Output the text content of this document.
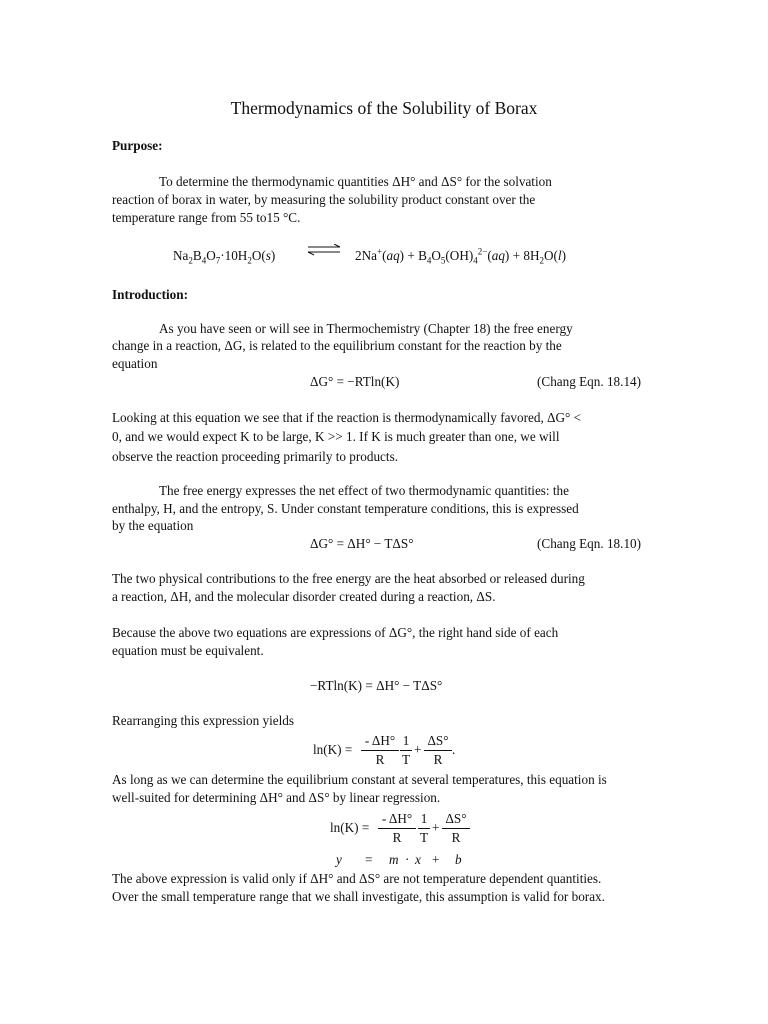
Thermodynamics of the Solubility of Borax
Purpose:
To determine the thermodynamic quantities ΔH° and ΔS° for the solvation
reaction of borax in water, by measuring the solubility product constant over the
temperature range from 55 to15 °C.
$Na_2B_4O_7\cdot 10H_2O(s)$ ⇌ $2Na^+(aq) + B_4O_5(OH)_4^{2-}(aq) + 8H_2O(l)$
Introduction:
As you have seen or will see in Thermochemistry (Chapter 18) the free energy
change in a reaction, ΔG, is related to the equilibrium constant for the reaction by the
equation
ΔG° = −RTln(K)	(Chang Eqn. 18.14)
Looking at this equation we see that if the reaction is thermodynamically favored, ΔG° <
0, and we would expect K to be large, K >> 1. If K is much greater than one, we will
observe the reaction proceeding primarily to products.
The free energy expresses the net effect of two thermodynamic quantities: the
enthalpy, H, and the entropy, S. Under constant temperature conditions, this is expressed
by the equation
ΔG° = ΔH° − TΔS°	(Chang Eqn. 18.10)
The two physical contributions to the free energy are the heat absorbed or released during
a reaction, ΔH, and the molecular disorder created during a reaction, ΔS.
Because the above two equations are expressions of ΔG°, the right hand side of each
equation must be equivalent.
−RTln(K) = ΔH° − TΔS°
Rearranging this expression yields
ln(K) =
- ΔH°
R
1
T
+
ΔS°
R
.
As long as we can determine the equilibrium constant at several temperatures, this equation is
well-suited for determining ΔH° and ΔS° by linear regression.
ln(K) =
- ΔH°
R
1
T
+
ΔS°
R
y = m · x + b
The above expression is valid only if ΔH° and ΔS° are not temperature dependent quantities.
Over the small temperature range that we shall investigate, this assumption is valid for borax.
